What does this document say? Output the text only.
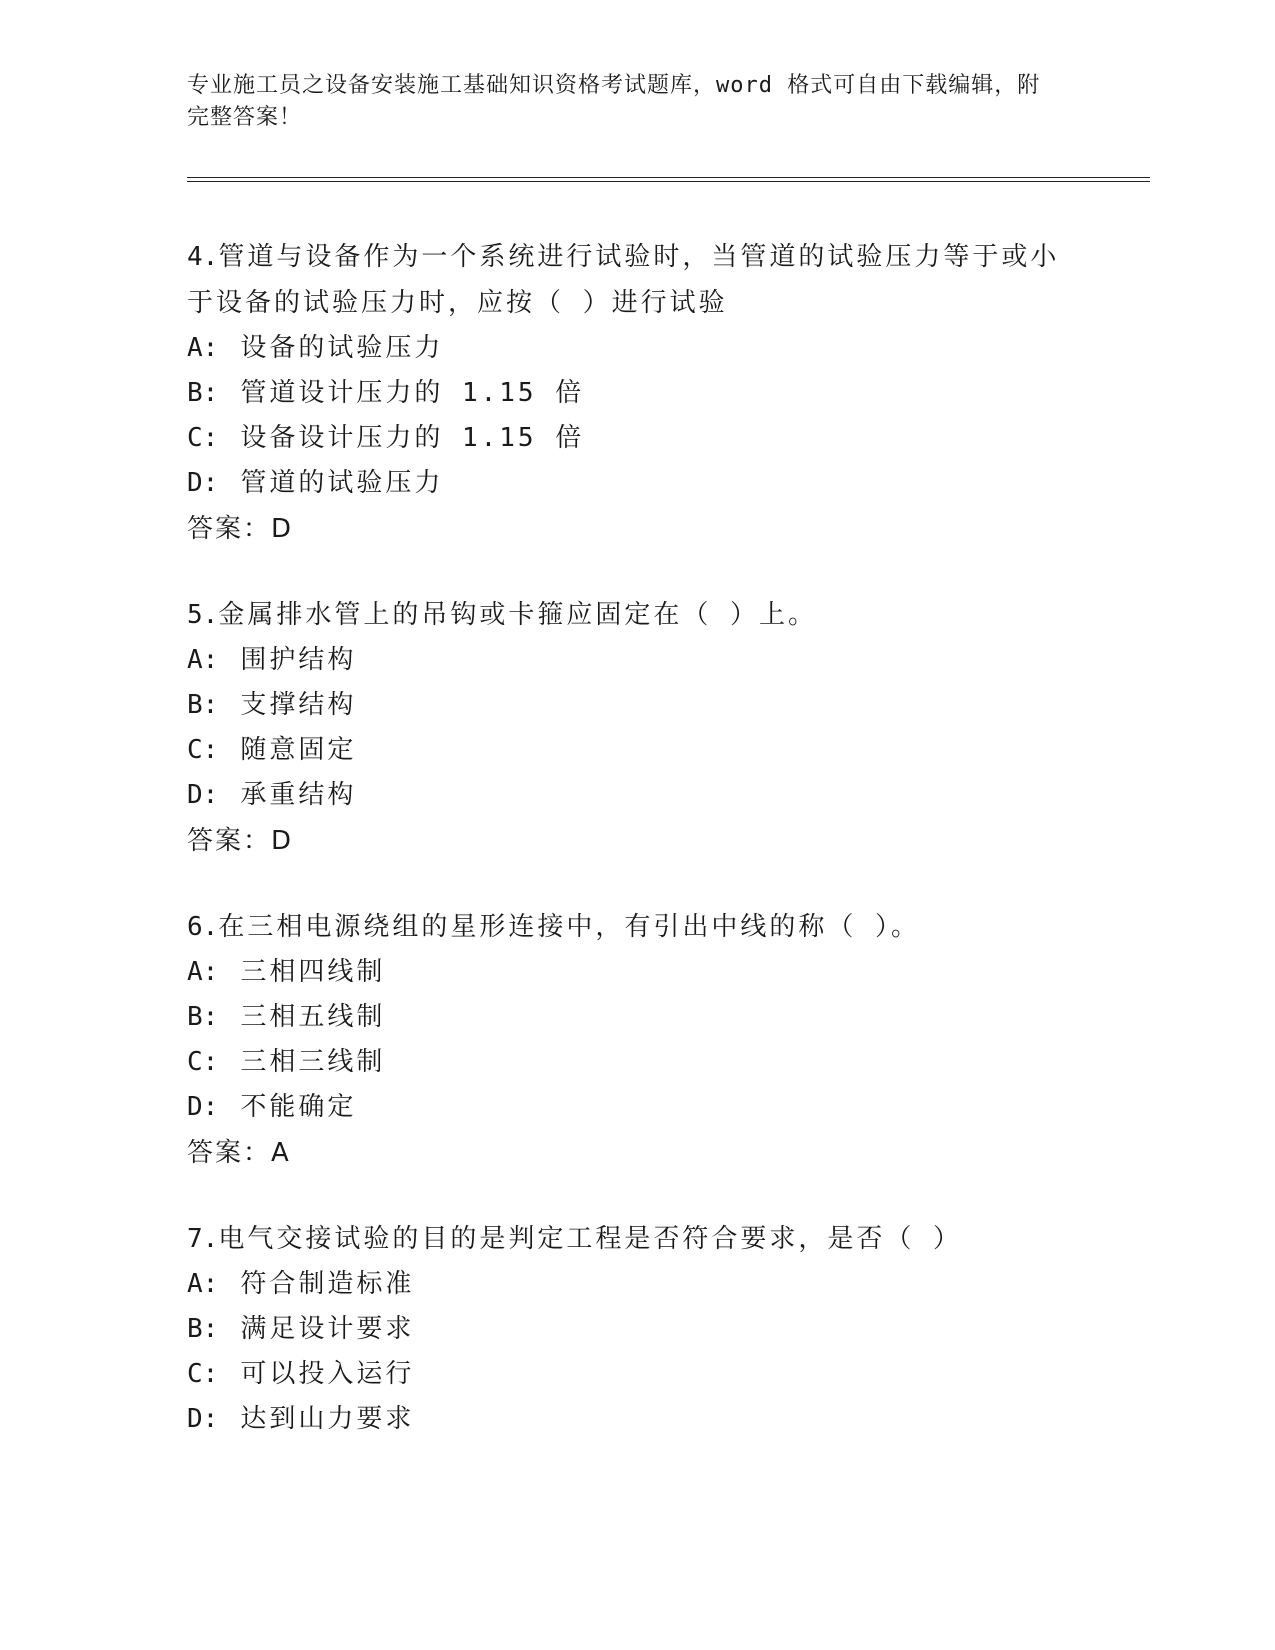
专业施工员之设备安装施工基础知识资格考试题库，word 格式可自由下载编辑，附完整答案！
4.管道与设备作为一个系统进行试验时，当管道的试验压力等于或小于设备的试验压力时，应按（ ）进行试验
A: 设备的试验压力
B: 管道设计压力的 1.15 倍
C: 设备设计压力的 1.15 倍
D: 管道的试验压力
答案：D
5.金属排水管上的吊钩或卡箍应固定在（ ）上。
A: 围护结构
B: 支撑结构
C: 随意固定
D: 承重结构
答案：D
6.在三相电源绕组的星形连接中，有引出中线的称（ ）。
A: 三相四线制
B: 三相五线制
C: 三相三线制
D: 不能确定
答案：A
7.电气交接试验的目的是判定工程是否符合要求，是否（ ）
A: 符合制造标准
B: 满足设计要求
C: 可以投入运行
D: 达到山力要求
